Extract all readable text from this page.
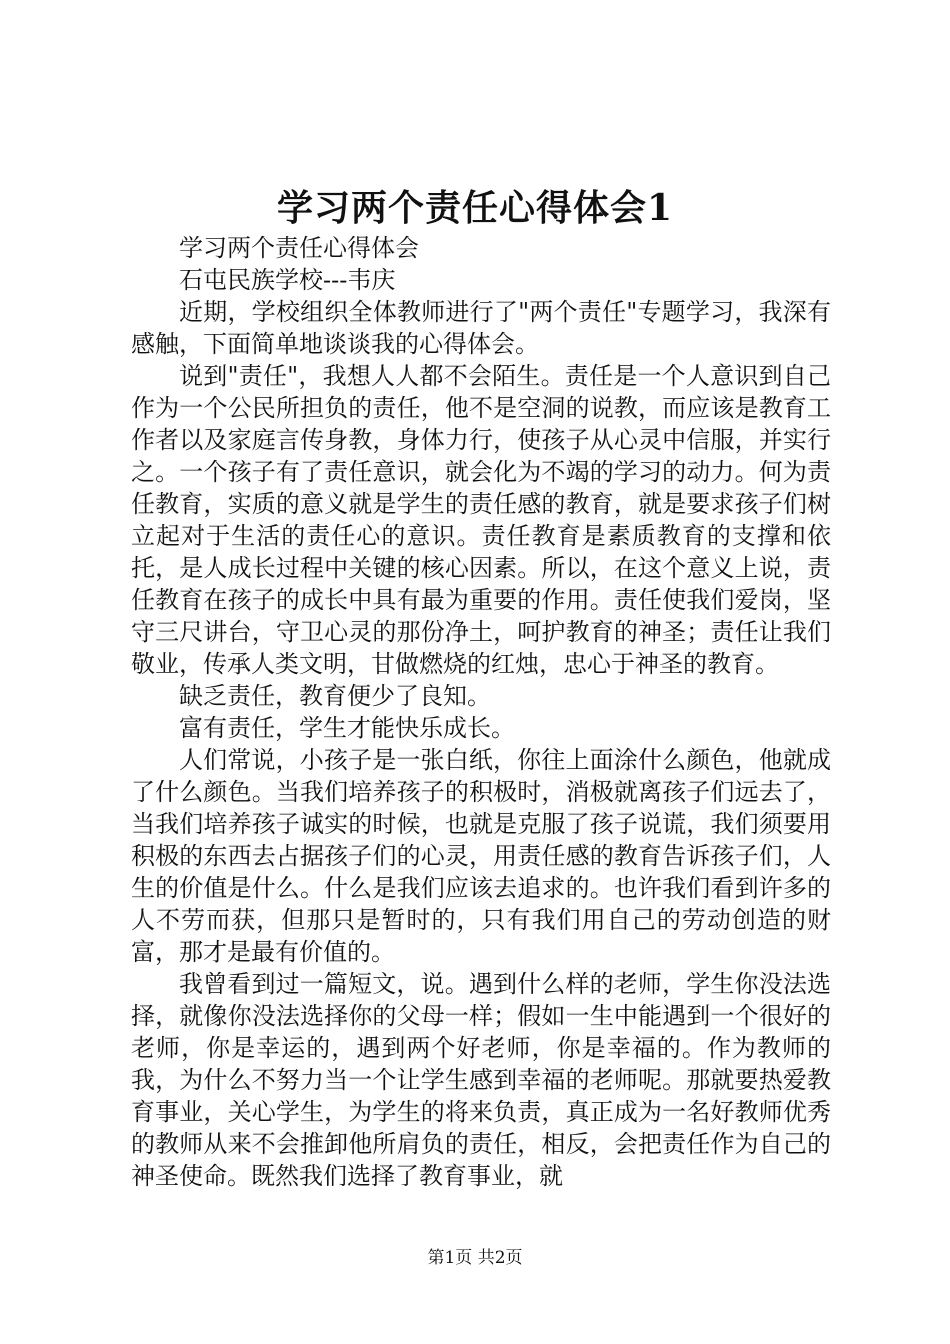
学习两个责任心得体会1

学习两个责任心得体会

石屯民族学校---韦庆

近期，学校组织全体教师进行了"两个责任"专题学习，我深有感触，下面简单地谈谈我的心得体会。

说到"责任"，我想人人都不会陌生。责任是一个人意识到自己作为一个公民所担负的责任，他不是空洞的说教，而应该是教育工作者以及家庭言传身教，身体力行，使孩子从心灵中信服，并实行之。一个孩子有了责任意识，就会化为不竭的学习的动力。何为责任教育，实质的意义就是学生的责任感的教育，就是要求孩子们树立起对于生活的责任心的意识。责任教育是素质教育的支撑和依托，是人成长过程中关键的核心因素。所以，在这个意义上说，责任教育在孩子的成长中具有最为重要的作用。责任使我们爱岗，坚守三尺讲台，守卫心灵的那份净土，呵护教育的神圣；责任让我们敬业，传承人类文明，甘做燃烧的红烛，忠心于神圣的教育。

缺乏责任，教育便少了良知。

富有责任，学生才能快乐成长。

人们常说，小孩子是一张白纸，你往上面涂什么颜色，他就成了什么颜色。当我们培养孩子的积极时，消极就离孩子们远去了，当我们培养孩子诚实的时候，也就是克服了孩子说谎，我们须要用积极的东西去占据孩子们的心灵，用责任感的教育告诉孩子们，人生的价值是什么。什么是我们应该去追求的。也许我们看到许多的人不劳而获，但那只是暂时的，只有我们用自己的劳动创造的财富，那才是最有价值的。

我曾看到过一篇短文，说。遇到什么样的老师，学生你没法选择，就像你没法选择你的父母一样；假如一生中能遇到一个很好的老师，你是幸运的，遇到两个好老师，你是幸福的。作为教师的我，为什么不努力当一个让学生感到幸福的老师呢。那就要热爱教育事业，关心学生，为学生的将来负责，真正成为一名好教师优秀的教师从来不会推卸他所肩负的责任，相反，会把责任作为自己的神圣使命。既然我们选择了教育事业，就

第1页 共2页
